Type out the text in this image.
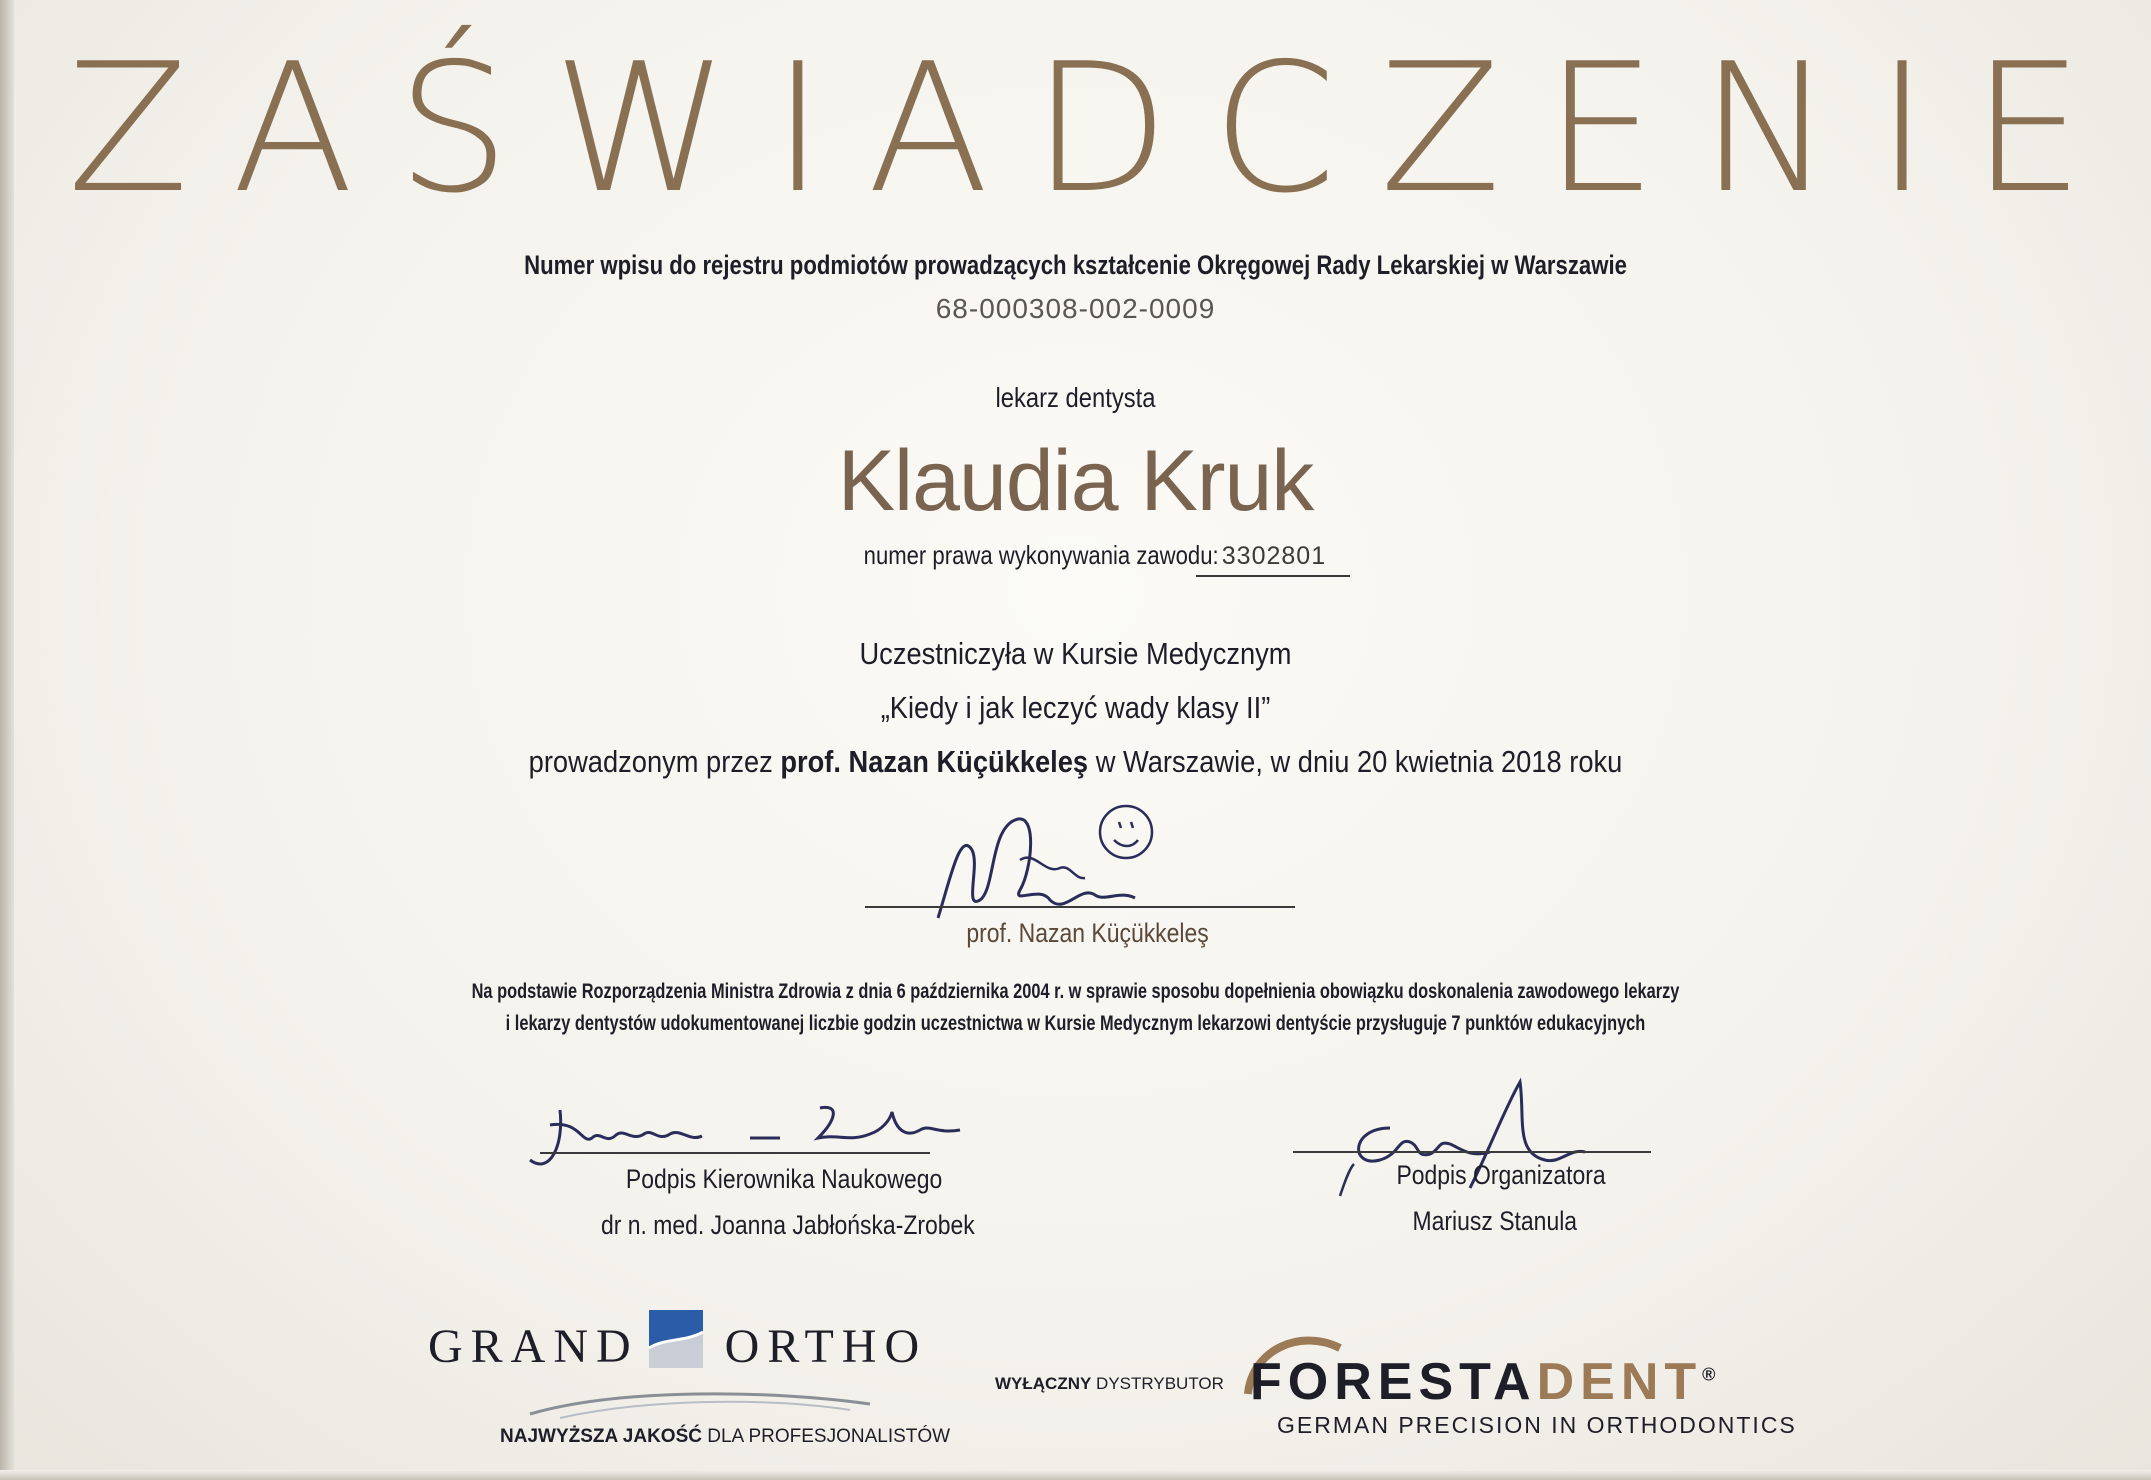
ZAŚWIADCZENIE
Numer wpisu do rejestru podmiotów prowadzących kształcenie Okręgowej Rady Lekarskiej w Warszawie
68-000308-002-0009
lekarz dentysta
Klaudia Kruk
numer prawa wykonywania zawodu: 3302801
Uczestniczyła w Kursie Medycznym
„Kiedy i jak leczyć wady klasy II”
prowadzonym przez prof. Nazan Küçükkeleş w Warszawie, w dniu 20 kwietnia 2018 roku
prof. Nazan Küçükkeleş
Na podstawie Rozporządzenia Ministra Zdrowia z dnia 6 października 2004 r. w sprawie sposobu dopełnienia obowiązku doskonalenia zawodowego lekarzy
i lekarzy dentystów udokumentowanej liczbie godzin uczestnictwa w Kursie Medycznym lekarzowi dentyście przysługuje 7 punktów edukacyjnych
Podpis Kierownika Naukowego
dr n. med. Joanna Jabłońska-Zrobek
Podpis Organizatora
Mariusz Stanula
GRAND ORTHO
NAJWYŻSZA JAKOŚĆ DLA PROFESJONALISTÓW
WYŁĄCZNY DYSTRYBUTOR FORESTADENT®
GERMAN PRECISION IN ORTHODONTICS
